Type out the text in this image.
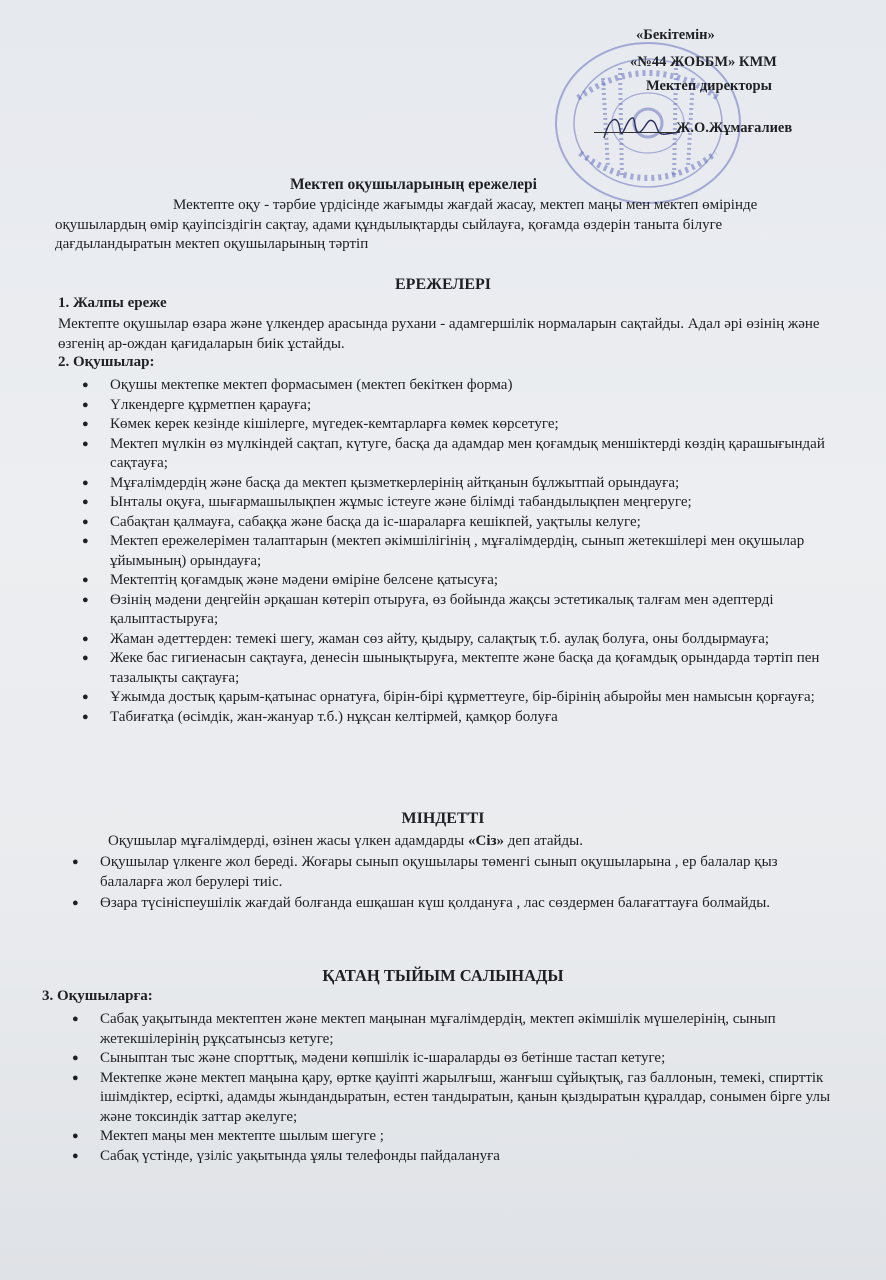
«Бекітемін»
«№44 ЖОББМ» КММ
Мектеп директоры
Ж.О.Жұмағалиев
Мектеп оқушыларының ережелері
Мектепте оқу - тәрбие үрдісінде жағымды жағдай жасау, мектеп маңы мен мектеп өмірінде оқушылардың өмір қауіпсіздігін сақтау, адами құндылықтарды сыйлауға, қоғамда өздерін таныта білуге дағдыландыратын мектеп оқушыларының тәртіп
ЕРЕЖЕЛЕРІ
1. Жалпы ереже
Мектепте оқушылар өзара және үлкендер арасында рухани - адамгершілік нормаларын сақтайды. Адал әрі өзінің және өзгенің ар-ождан қағидаларын биік ұстайды.
2. Оқушылар:
● Оқушы мектепке мектеп формасымен (мектеп бекіткен форма)
● Үлкендерге құрметпен қарауға;
● Көмек керек кезінде кішілерге, мүгедек-кемтарларға көмек көрсетуге;
● Мектеп мүлкін өз мүлкіндей сақтап, күтуге, басқа да адамдар мен қоғамдық меншіктерді көздің қарашығындай сақтауға;
● Мұғалімдердің және басқа да мектеп қызметкерлерінің айтқанын бұлжытпай орындауға;
● Ынталы оқуға, шығармашылықпен жұмыс істеуге және білімді табандылықпен меңгеруге;
● Сабақтан қалмауға, сабаққа және басқа да іс-шараларға кешікпей, уақтылы келуге;
● Мектеп ережелерімен талаптарын (мектеп әкімшілігінің , мұғалімдердің, сынып жетекшілері мен оқушылар ұйымының) орындауға;
● Мектептің қоғамдық және мәдени өміріне белсене қатысуға;
● Өзінің мәдени деңгейін әрқашан көтеріп отыруға, өз бойында жақсы эстетикалық талғам мен әдептерді қалыптастыруға;
● Жаман әдеттерден: темекі шегу, жаман сөз айту, қыдыру, салақтық т.б. аулақ болуға, оны болдырмауға;
● Жеке бас гигиенасын сақтауға, денесін шынықтыруға, мектепте және басқа да қоғамдық орындарда тәртіп пен тазалықты сақтауға;
● Ұжымда достық қарым-қатынас орнатуға, бірін-бірі құрметтеуге, бір-бірінің абыройы мен намысын қорғауға;
● Табиғатқа (өсімдік, жан-жануар т.б.) нұқсан келтірмей, қамқор болуға
МІНДЕТТІ
Оқушылар мұғалімдерді, өзінен жасы үлкен адамдарды «Сіз» деп атайды.
● Оқушылар үлкенге жол береді. Жоғары сынып оқушылары төменгі сынып оқушыларына , ер балалар қыз балаларға жол берулері тиіс.
● Өзара түсініспеушілік жағдай болғанда ешқашан күш қолдануға , лас сөздермен балағаттауға болмайды.
ҚАТАҢ ТЫЙЫМ САЛЫНАДЫ
3. Оқушыларға:
● Сабақ уақытында мектептен және мектеп маңынан мұғалімдердің, мектеп әкімшілік мүшелерінің, сынып жетекшілерінің рұқсатынсыз кетуге;
● Сыныптан тыс және спорттық, мәдени көпшілік іс-шараларды өз бетінше тастап кетуге;
● Мектепке және мектеп маңына қару, өртке қауіпті жарылғыш, жанғыш сұйықтық, газ баллонын, темекі, спирттік ішімдіктер, есірткі, адамды жындандыратын, естен тандыратын, қанын қыздыратын құралдар, сонымен бірге улы және токсиндік заттар әкелуге;
● Мектеп маңы мен мектепте шылым шегуге ;
● Сабақ үстінде, үзіліс уақытында ұялы телефонды пайдалануға
